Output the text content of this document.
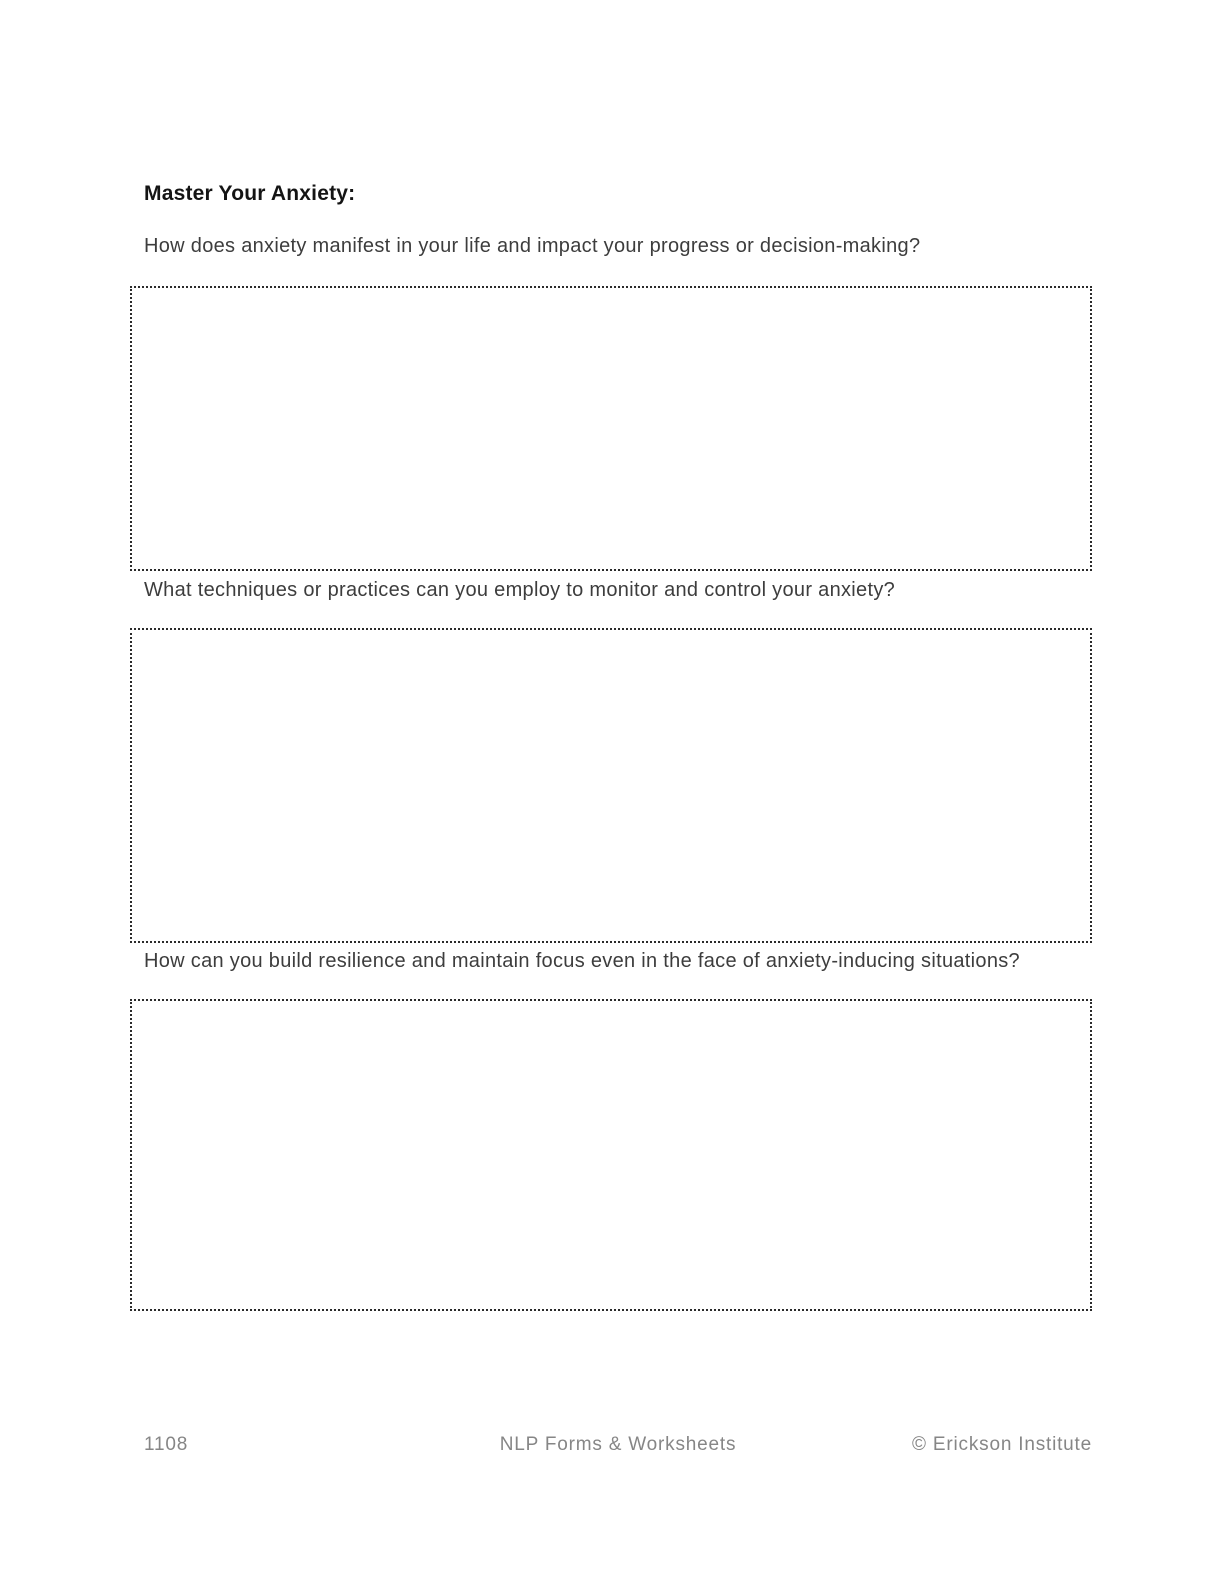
Master Your Anxiety:

How does anxiety manifest in your life and impact your progress or decision-making?

What techniques or practices can you employ to monitor and control your anxiety?

How can you build resilience and maintain focus even in the face of anxiety-inducing situations?

1108	NLP Forms & Worksheets	© Erickson Institute
